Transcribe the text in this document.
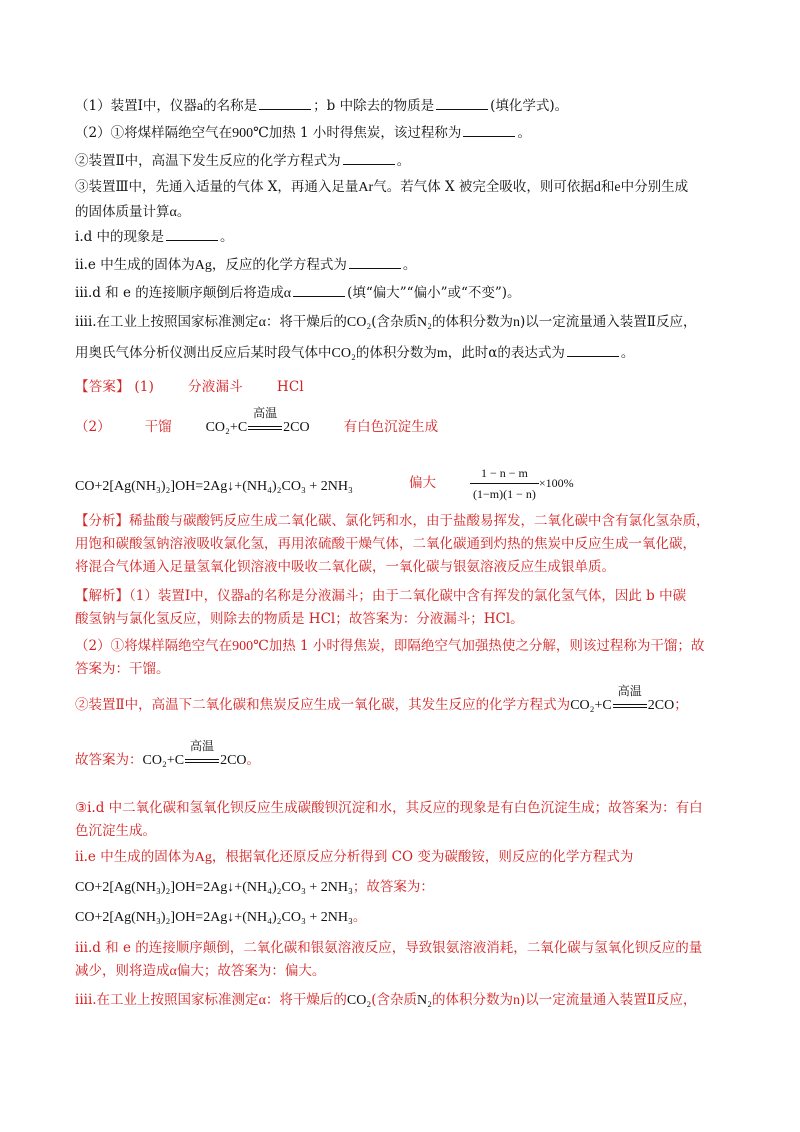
（1）装置Ⅰ中，仪器a的名称是	；b 中除去的物质是	(填化学式)。
（2）①将煤样隔绝空气在900℃加热 1 小时得焦炭，该过程称为	。
②装置Ⅱ中，高温下发生反应的化学方程式为	。
③装置Ⅲ中，先通入适量的气体 X，再通入足量Ar气。若气体 X 被完全吸收，则可依据d和e中分别生成
的固体质量计算α。
i.d 中的现象是	。
ii.e 中生成的固体为Ag，反应的化学方程式为	。
iii.d 和 e 的连接顺序颠倒后将造成α	(填“偏大”“偏小”或“不变”)。
iiii.在工业上按照国家标准测定α：将干燥后的CO₂(含杂质N₂的体积分数为n)以一定流量通入装置Ⅱ反应，
用奥氏气体分析仪测出反应后某时段气体中CO₂的体积分数为m，此时α的表达式为	。
【答案】 (1)	分液漏斗	HCl
（2）	干馏 CO₂+C
高温
2CO	有白色沉淀生成
CO+2[Ag(NH₃)₂]OH=2Ag↓+(NH₄)₂CO₃ + 2NH₃	偏大	$\frac{1 - n - m}{(1-m)(1 - n)} \times 100\%$
【分析】稀盐酸与碳酸钙反应生成二氧化碳、氯化钙和水，由于盐酸易挥发，二氧化碳中含有氯化氢杂质，
用饱和碳酸氢钠溶液吸收氯化氢，再用浓硫酸干燥气体，二氧化碳通到灼热的焦炭中反应生成一氧化碳，
将混合气体通入足量氢氧化钡溶液中吸收二氧化碳，一氧化碳与银氨溶液反应生成银单质。
【解析】（1）装置Ⅰ中，仪器a的名称是分液漏斗；由于二氧化碳中含有挥发的氯化氢气体，因此 b 中碳
酸氢钠与氯化氢反应，则除去的物质是 HCl；故答案为：分液漏斗；HCl。
（2）①将煤样隔绝空气在900℃加热 1 小时得焦炭，即隔绝空气加强热使之分解，则该过程称为干馏；故
答案为：干馏。
②装置Ⅱ中，高温下二氧化碳和焦炭反应生成一氧化碳，其发生反应的化学方程式为CO₂+C
高温
2CO；
故答案为：CO₂+C
高温
2CO。
③i.d 中二氧化碳和氢氧化钡反应生成碳酸钡沉淀和水，其反应的现象是有白色沉淀生成；故答案为：有白
色沉淀生成。
ii.e 中生成的固体为Ag，根据氧化还原反应分析得到 CO 变为碳酸铵，则反应的化学方程式为
CO+2[Ag(NH₃)₂]OH=2Ag↓+(NH₄)₂CO₃ + 2NH₃；故答案为：
CO+2[Ag(NH₃)₂]OH=2Ag↓+(NH₄)₂CO₃ + 2NH₃。
iii.d 和 e 的连接顺序颠倒，二氧化碳和银氨溶液反应，导致银氨溶液消耗，二氧化碳与氢氧化钡反应的量
减少，则将造成α偏大；故答案为：偏大。
iiii.在工业上按照国家标准测定α：将干燥后的CO₂(含杂质N₂的体积分数为n)以一定流量通入装置Ⅱ反应，
